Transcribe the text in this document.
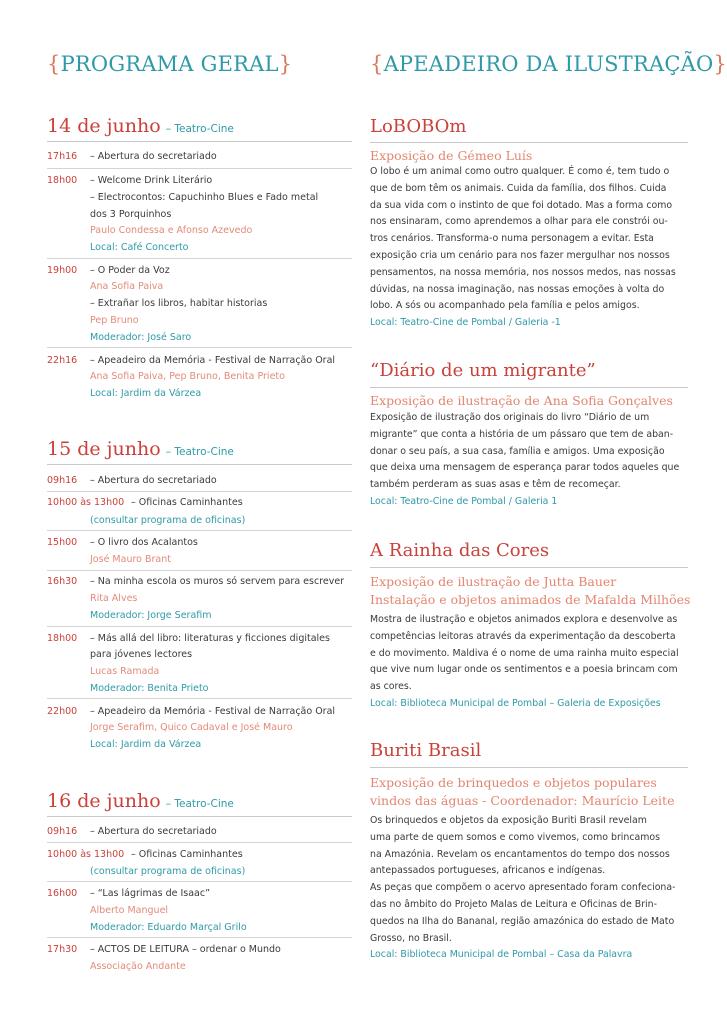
{PROGRAMA GERAL}
14 de junho – Teatro-Cine
17h16 – Abertura do secretariado
18h00 – Welcome Drink Literário
– Electrocontos: Capuchinho Blues e Fado metal
dos 3 Porquinhos
Paulo Condessa e Afonso Azevedo
Local: Café Concerto
19h00 – O Poder da Voz
Ana Sofia Paiva
– Extrañar los libros, habitar historias
Pep Bruno
Moderador: José Saro
22h16 – Apeadeiro da Memória - Festival de Narração Oral
Ana Sofia Paiva, Pep Bruno, Benita Prieto
Local: Jardim da Várzea
15 de junho – Teatro-Cine
09h16 – Abertura do secretariado
10h00 às 13h00 – Oficinas Caminhantes
(consultar programa de oficinas)
15h00 – O livro dos Acalantos
José Mauro Brant
16h30 – Na minha escola os muros só servem para escrever
Rita Alves
Moderador: Jorge Serafim
18h00 – Más allá del libro: literaturas y ficciones digitales
para jóvenes lectores
Lucas Ramada
Moderador: Benita Prieto
22h00 – Apeadeiro da Memória - Festival de Narração Oral
Jorge Serafim, Quico Cadaval e José Mauro
Local: Jardim da Várzea
16 de junho – Teatro-Cine
09h16 – Abertura do secretariado
10h00 às 13h00 – Oficinas Caminhantes
(consultar programa de oficinas)
16h00 – “Las lágrimas de Isaac”
Alberto Manguel
Moderador: Eduardo Marçal Grilo
17h30 – ACTOS DE LEITURA – ordenar o Mundo
Associação Andante
{APEADEIRO DA ILUSTRAÇÃO}
LoBOBOm
Exposição de Gémeo Luís

O lobo é um animal como outro qualquer. É como é, tem tudo o

que de bom têm os animais. Cuida da família, dos filhos. Cuida

da sua vida com o instinto de que foi dotado. Mas a forma como

nos ensinaram, como aprendemos a olhar para ele constrói ou-

tros cenários. Transforma-o numa personagem a evitar. Esta

exposição cria um cenário para nos fazer mergulhar nos nossos

pensamentos, na nossa memória, nos nossos medos, nas nossas

dúvidas, na nossa imaginação, nas nossas emoções à volta do

lobo. A sós ou acompanhado pela família e pelos amigos.

Local: Teatro-Cine de Pombal / Galeria -1

“Diário de um migrante”
Exposição de ilustração de Ana Sofia Gonçalves

Exposição de ilustração dos originais do livro “Diário de um

migrante” que conta a história de um pássaro que tem de aban-

donar o seu país, a sua casa, família e amigos. Uma exposição

que deixa uma mensagem de esperança parar todos aqueles que

também perderam as suas asas e têm de recomeçar.

Local: Teatro-Cine de Pombal / Galeria 1

A Rainha das Cores
Exposição de ilustração de Jutta Bauer
Instalação e objetos animados de Mafalda Milhões

Mostra de ilustração e objetos animados explora e desenvolve as

competências leitoras através da experimentação da descoberta

e do movimento. Maldiva é o nome de uma rainha muito especial

que vive num lugar onde os sentimentos e a poesia brincam com

as cores.

Local: Biblioteca Municipal de Pombal – Galeria de Exposições

Buriti Brasil
Exposição de brinquedos e objetos populares
vindos das águas - Coordenador: Maurício Leite

Os brinquedos e objetos da exposição Buriti Brasil revelam

uma parte de quem somos e como vivemos, como brincamos

na Amazónia. Revelam os encantamentos do tempo dos nossos

antepassados portugueses, africanos e indígenas.

As peças que compõem o acervo apresentado foram confeciona-

das no âmbito do Projeto Malas de Leitura e Oficinas de Brin-

quedos na Ilha do Bananal, região amazónica do estado de Mato

Grosso, no Brasil.

Local: Biblioteca Municipal de Pombal – Casa da Palavra
